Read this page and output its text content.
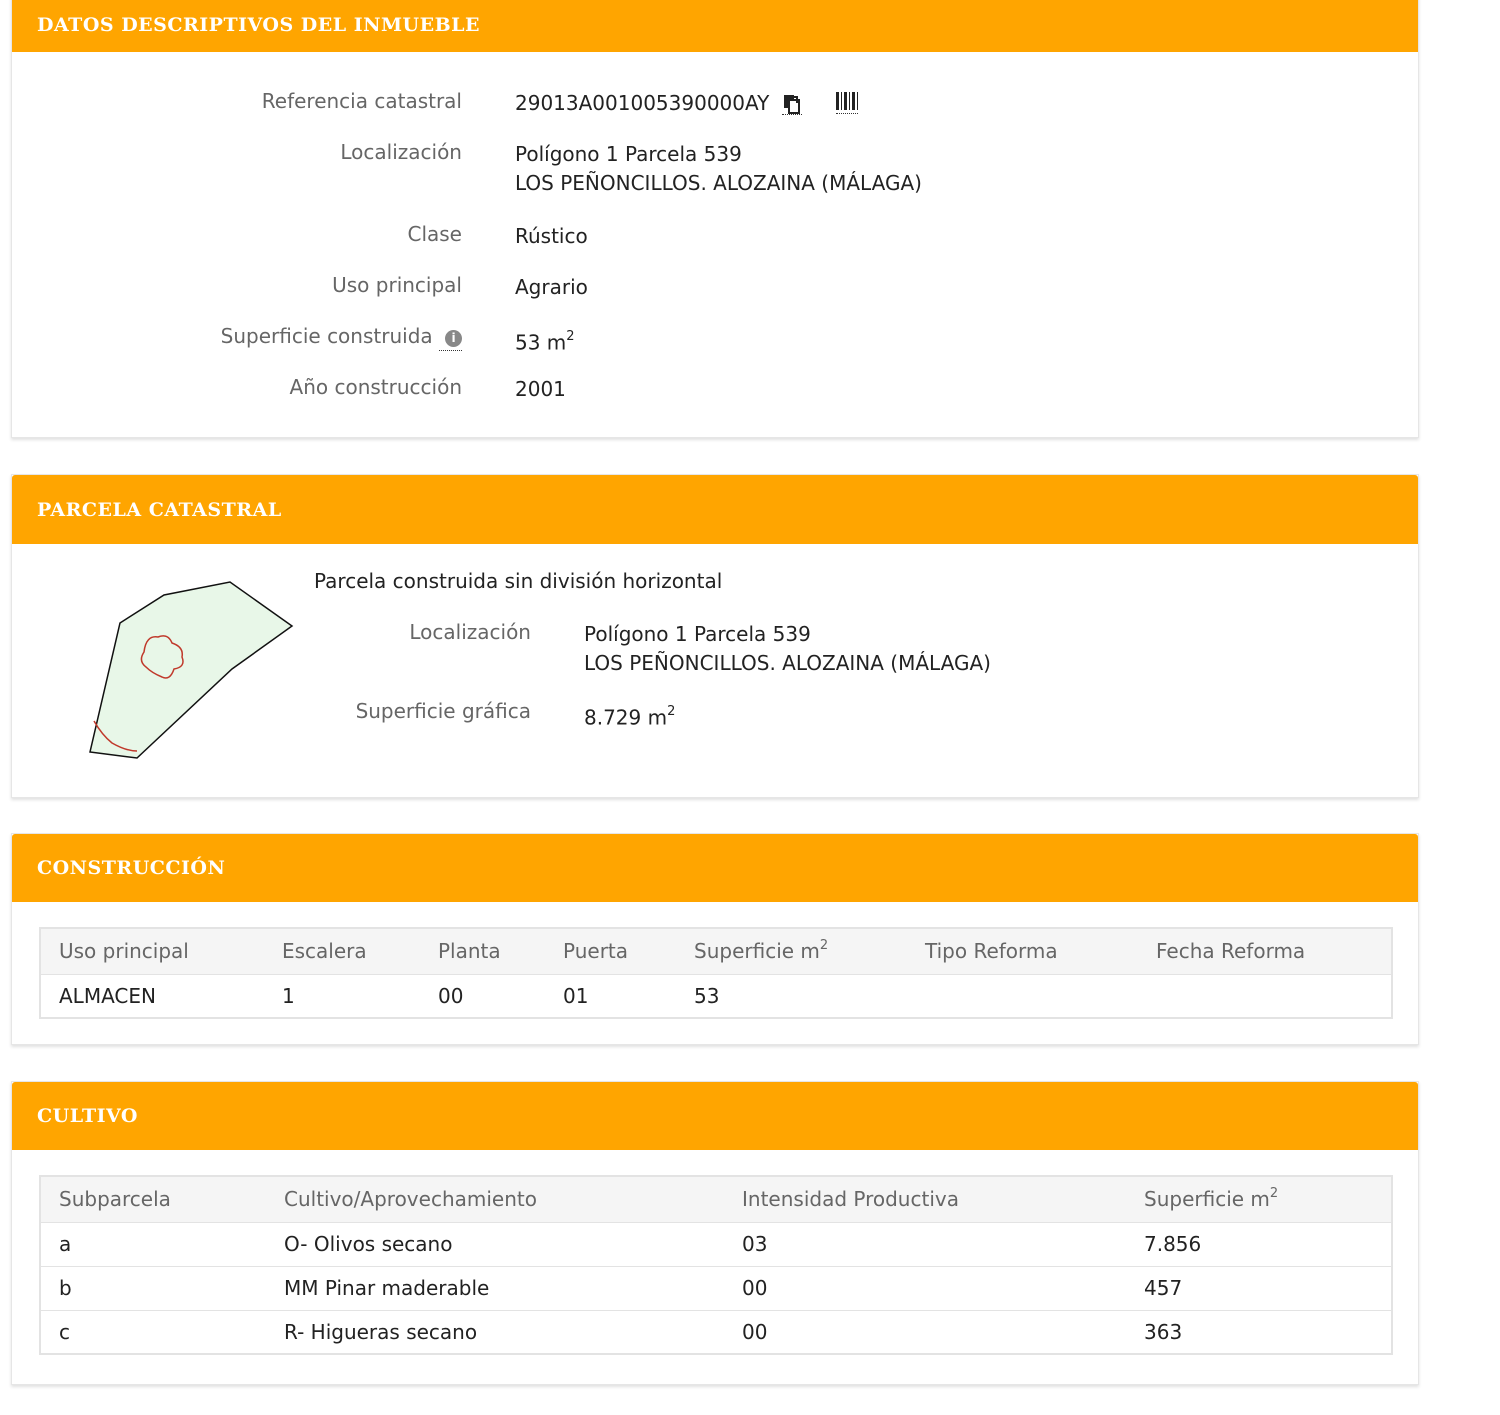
DATOS DESCRIPTIVOS DEL INMUEBLE
Referencia catastral	29013A001005390000AY
Localización	Polígono 1 Parcela 539
LOS PEÑONCILLOS. ALOZAINA (MÁLAGA)
Clase	Rústico
Uso principal	Agrario
Superficie construida i	53 $m^2$
Año construcción	2001
PARCELA CATASTRAL
Parcela construida sin división horizontal
Localización	Polígono 1 Parcela 539
LOS PEÑONCILLOS. ALOZAINA (MÁLAGA)
Superficie gráfica	8.729 $m^2$
CONSTRUCCIÓN
Uso principal	Escalera	Planta	Puerta	Superficie $m^2$	Tipo Reforma	Fecha Reforma
ALMACEN	1	00	01	53		
CULTIVO
Subparcela	Cultivo/Aprovechamiento	Intensidad Productiva	Superficie $m^2$
a	O- Olivos secano	03	7.856
b	MM Pinar maderable	00	457
c	R- Higueras secano	00	363
